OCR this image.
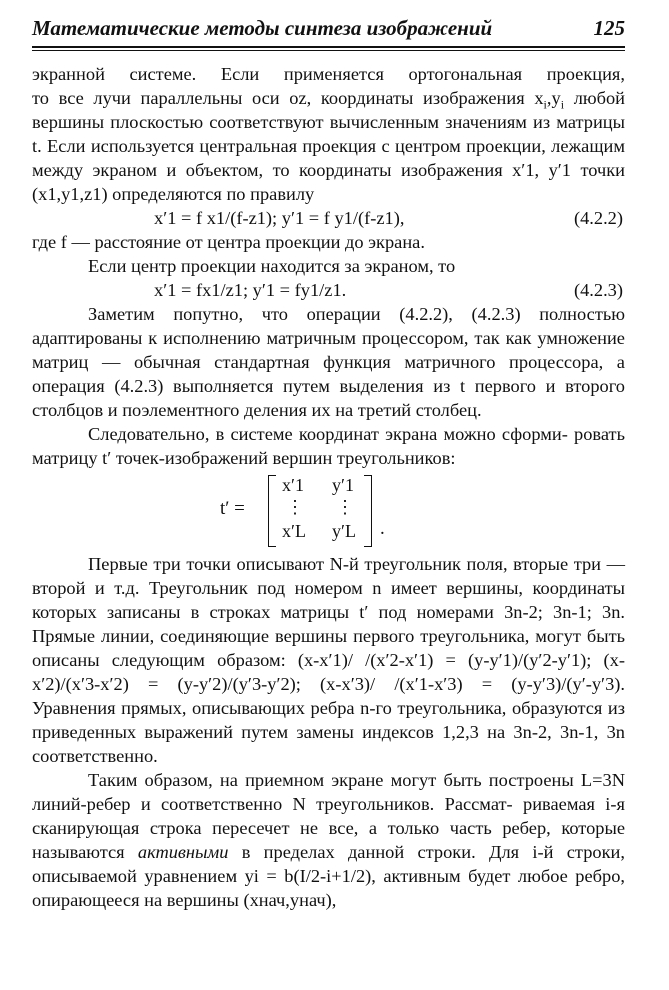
Математические методы синтеза изображений	125

экранной системе. Если применяется ортогональная проекция, то все лучи параллельны оси oz, координаты изображения $x_i,y_i$ любой вершины плоскостью соответствуют вычисленным значениям из матрицы t. Если используется центральная проекция с центром проекции, лежащим между экраном и объектом, то координаты изображения x′1, y′1 точки (x1,y1,z1) определяются по правилу

x′1 = f x1/(f-z1); y′1 = f y1/(f-z1),	(4.2.2)

где f — расстояние от центра проекции до экрана.

Если центр проекции находится за экраном, то

x′1 = fx1/z1; y′1 = fy1/z1.	(4.2.3)

Заметим попутно, что операции (4.2.2), (4.2.3) полностью адаптированы к исполнению матричным процессором, так как умножение матриц — обычная стандартная функция матричного процессора, а операция (4.2.3) выполняется путем выделения из t первого и второго столбцов и поэлементного деления их на третий столбец.

Следовательно, в системе координат экрана можно сформи- ровать матрицу t′ точек-изображений вершин треугольников:

t′ =
x′1 y′1
⋮ ⋮
x′L y′L .

Первые три точки описывают N-й треугольник поля, вторые три — второй и т.д. Треугольник под номером n имеет вершины, координаты которых записаны в строках матрицы t′ под номерами 3n-2; 3n-1; 3n. Прямые линии, соединяющие вершины первого треугольника, могут быть описаны следующим образом: (x-x′1)/ /(x′2-x′1) = (y-y′1)/(y′2-y′1); (x-x′2)/(x′3-x′2) = (y-y′2)/(y′3-y′2); (x-x′3)/ /(x′1-x′3) = (y-y′3)/(y′-y′3). Уравнения прямых, описывающих ребра n-го треугольника, образуются из приведенных выражений путем замены индексов 1,2,3 на 3n-2, 3n-1, 3n соответственно.

Таким образом, на приемном экране могут быть построены L=3N линий-ребер и соответственно N треугольников. Рассмат- риваемая i-я сканирующая строка пересечет не все, а только часть ребер, которые называются активными в пределах данной строки. Для i-й строки, описываемой уравнением yi = b(I/2-i+1/2), активным будет любое ребро, опирающееся на вершины (xнач,yнач),
